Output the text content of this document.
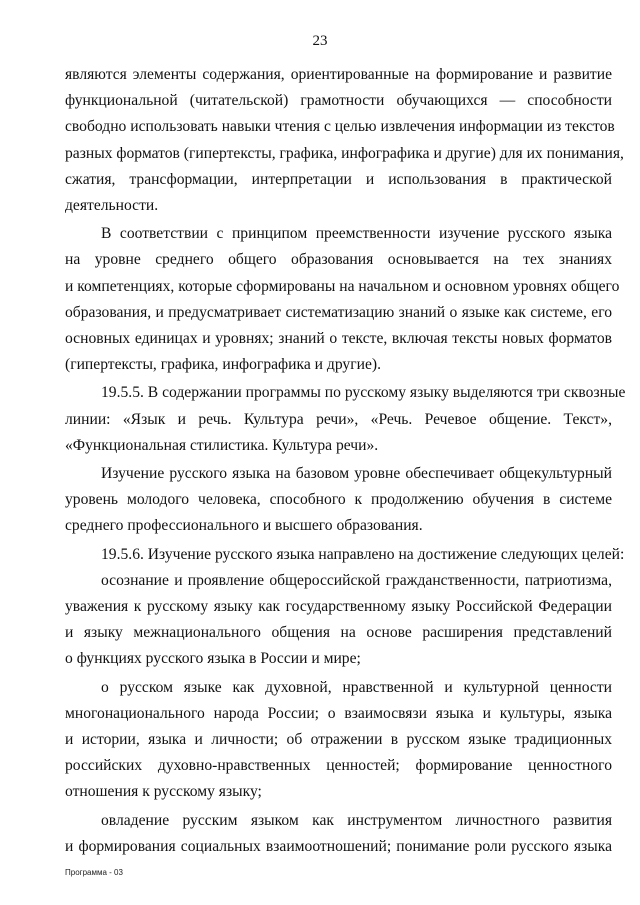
23
являются элементы содержания, ориентированные на формирование и развитие
функциональной (читательской) грамотности обучающихся — способности
свободно использовать навыки чтения с целью извлечения информации из текстов
разных форматов (гипертексты, графика, инфографика и другие) для их понимания,
сжатия, трансформации, интерпретации и использования в практической
деятельности.
В соответствии с принципом преемственности изучение русского языка
на уровне среднего общего образования основывается на тех знаниях
и компетенциях, которые сформированы на начальном и основном уровнях общего
образования, и предусматривает систематизацию знаний о языке как системе, его
основных единицах и уровнях; знаний о тексте, включая тексты новых форматов
(гипертексты, графика, инфографика и другие).
19.5.5. В содержании программы по русскому языку выделяются три сквозные
линии: «Язык и речь. Культура речи», «Речь. Речевое общение. Текст»,
«Функциональная стилистика. Культура речи».
Изучение русского языка на базовом уровне обеспечивает общекультурный
уровень молодого человека, способного к продолжению обучения в системе
среднего профессионального и высшего образования.
19.5.6. Изучение русского языка направлено на достижение следующих целей:
осознание и проявление общероссийской гражданственности, патриотизма,
уважения к русскому языку как государственному языку Российской Федерации
и языку межнационального общения на основе расширения представлений
о функциях русского языка в России и мире;
о русском языке как духовной, нравственной и культурной ценности
многонационального народа России; о взаимосвязи языка и культуры, языка
и истории, языка и личности; об отражении в русском языке традиционных
российских духовно-нравственных ценностей; формирование ценностного
отношения к русскому языку;
овладение русским языком как инструментом личностного развития
и формирования социальных взаимоотношений; понимание роли русского языка
Программа - 03
